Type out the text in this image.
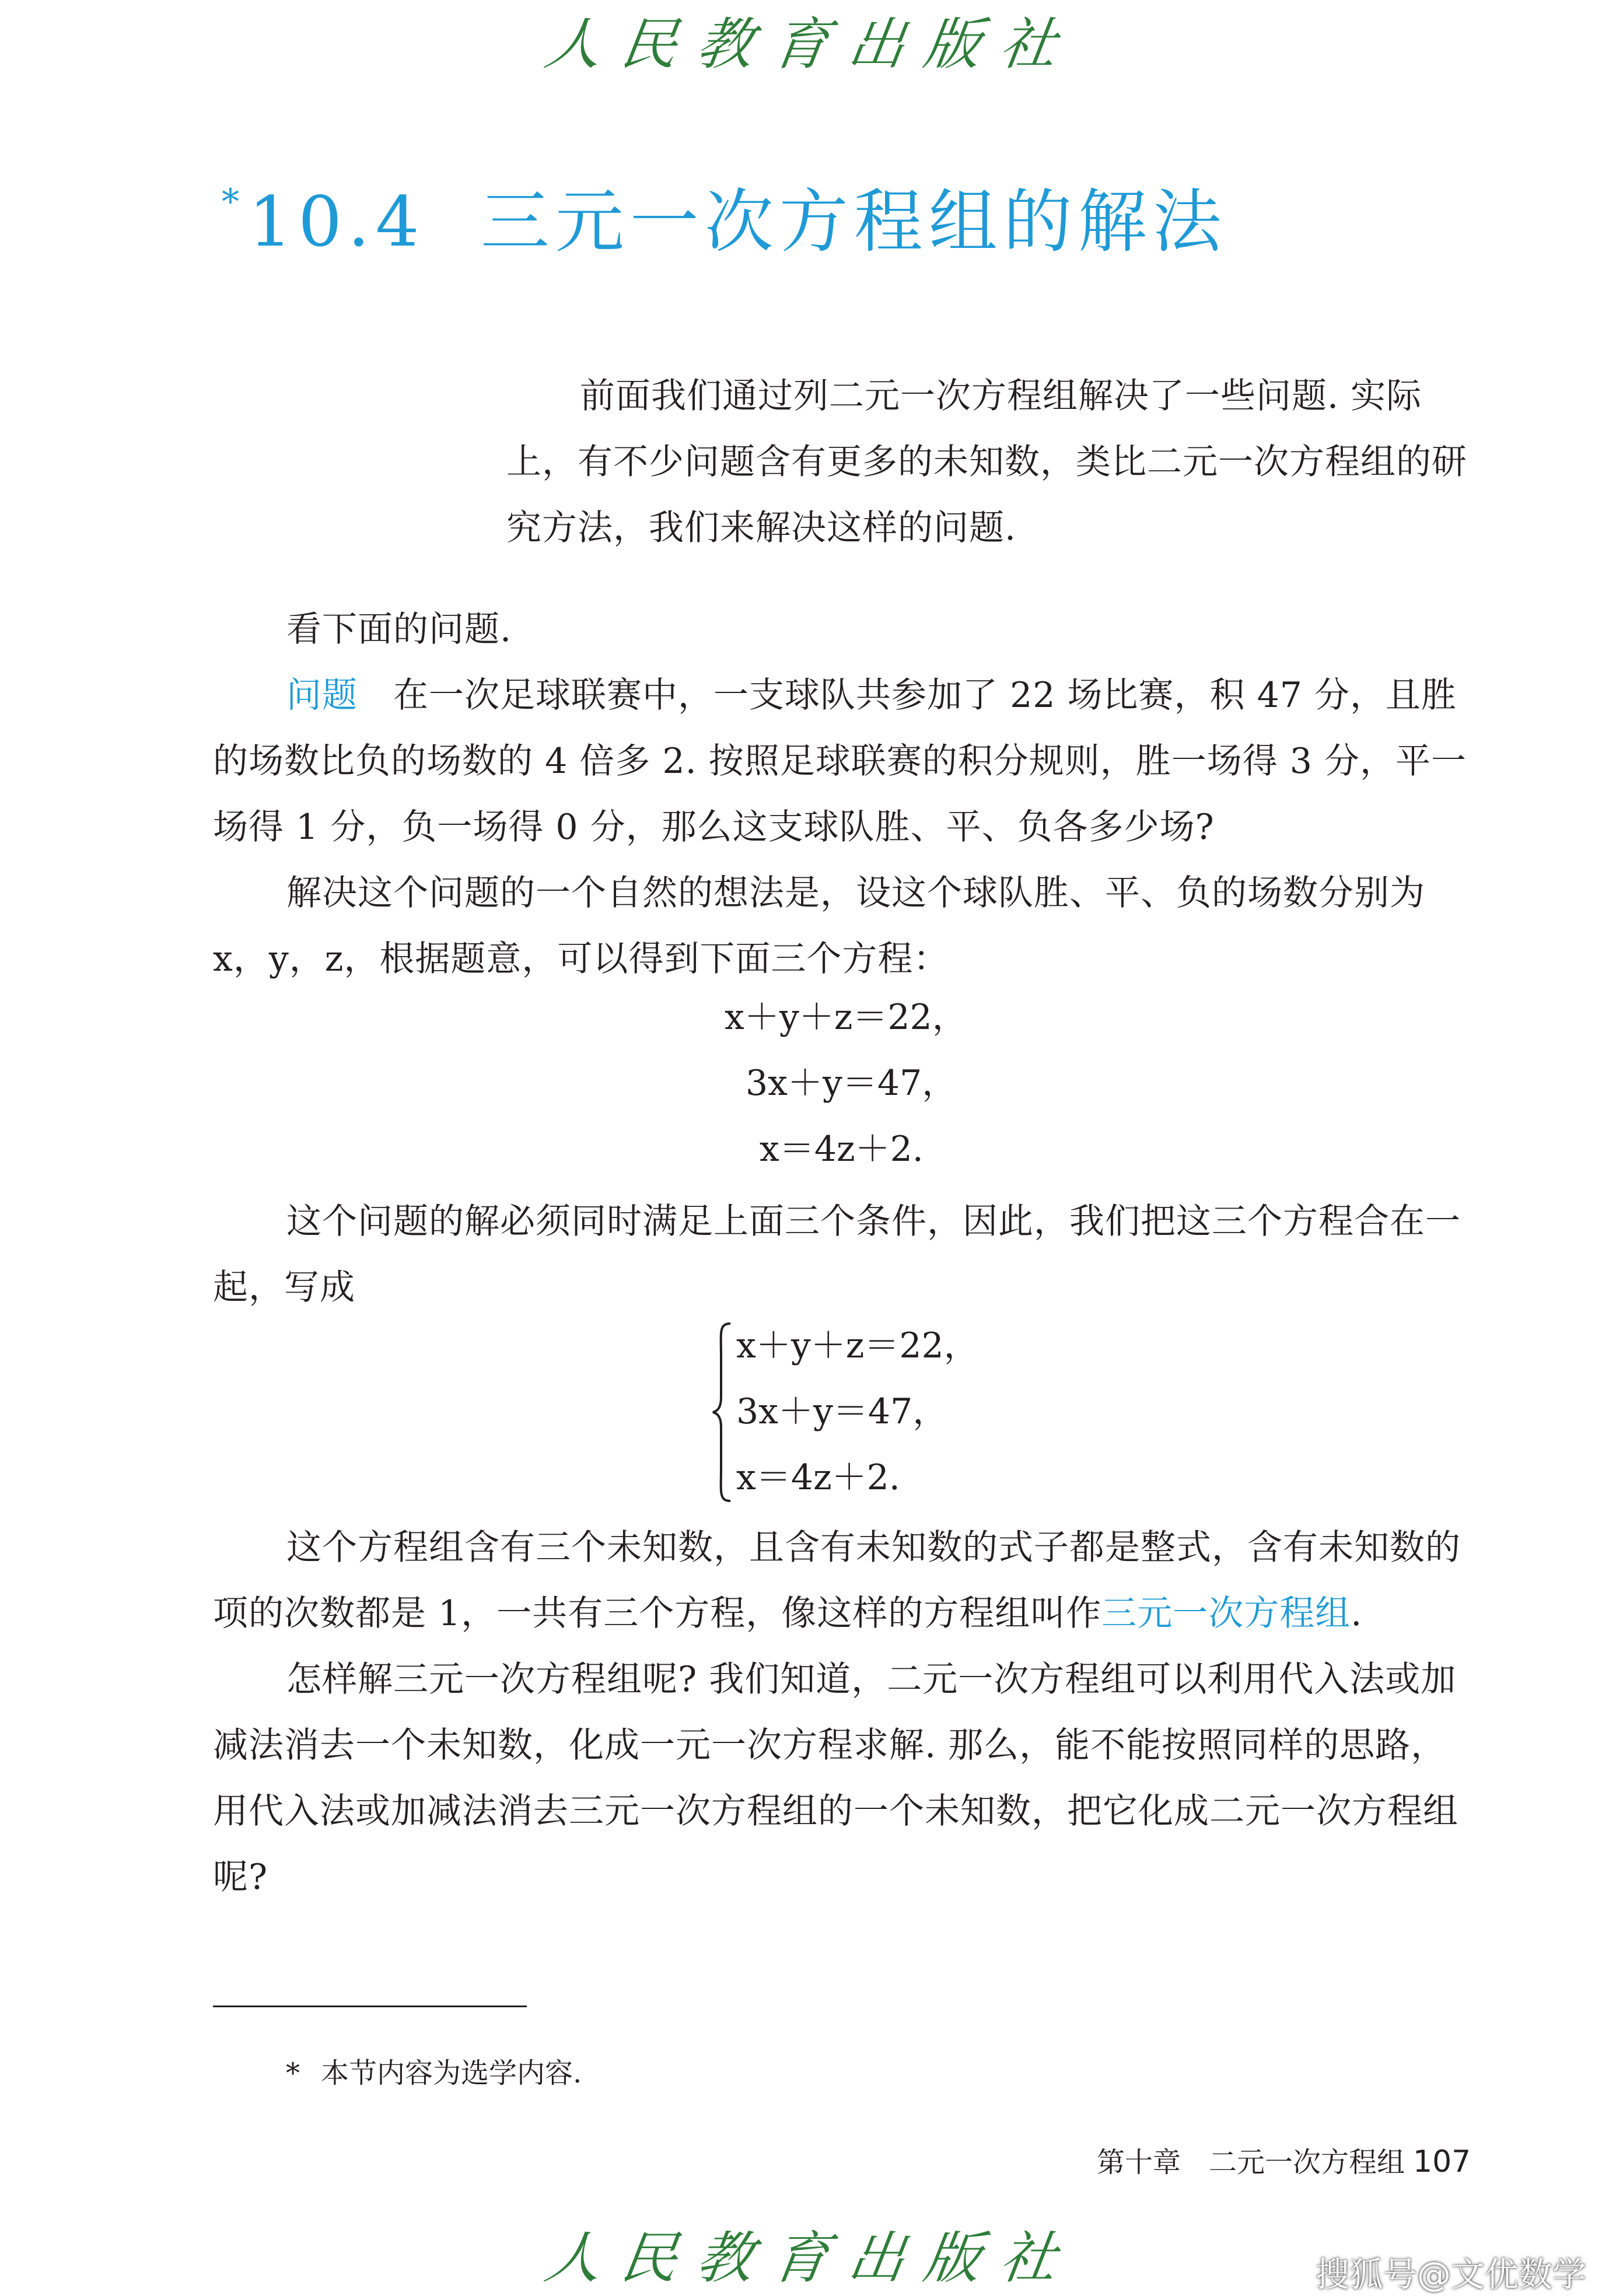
人民教育出版社
*10.4 三元一次方程组的解法

前面我们通过列二元一次方程组解决了一些问题. 实际上，有不少问题含有更多的未知数，类比二元一次方程组的研究方法，我们来解决这样的问题.

看下面的问题.

问题　 在一次足球联赛中，一支球队共参加了 22 场比赛，积 47 分，且胜的场数比负的场数的 4 倍多 2. 按照足球联赛的积分规则，胜一场得 3 分，平一场得 1 分，负一场得 0 分，那么这支球队胜、平、负各多少场?

解决这个问题的一个自然的想法是，设这个球队胜、平、负的场数分别为 x，y，z，根据题意，可以得到下面三个方程：

x＋y＋z＝22，
3x＋y＝47，
x＝4z＋2.

这个问题的解必须同时满足上面三个条件，因此，我们把这三个方程合在一起，写成

x＋y＋z＝22，
3x＋y＝47，
x＝4z＋2.

这个方程组含有三个未知数，且含有未知数的式子都是整式，含有未知数的项的次数都是 1，一共有三个方程，像这样的方程组叫作三元一次方程组.

怎样解三元一次方程组呢? 我们知道，二元一次方程组可以利用代入法或加减法消去一个未知数，化成一元一次方程求解. 那么，能不能按照同样的思路，用代入法或加减法消去三元一次方程组的一个未知数，把它化成二元一次方程组呢?

* 本节内容为选学内容.
第十章　二元一次方程组 107
人民教育出版社	搜狐号@文优数学
